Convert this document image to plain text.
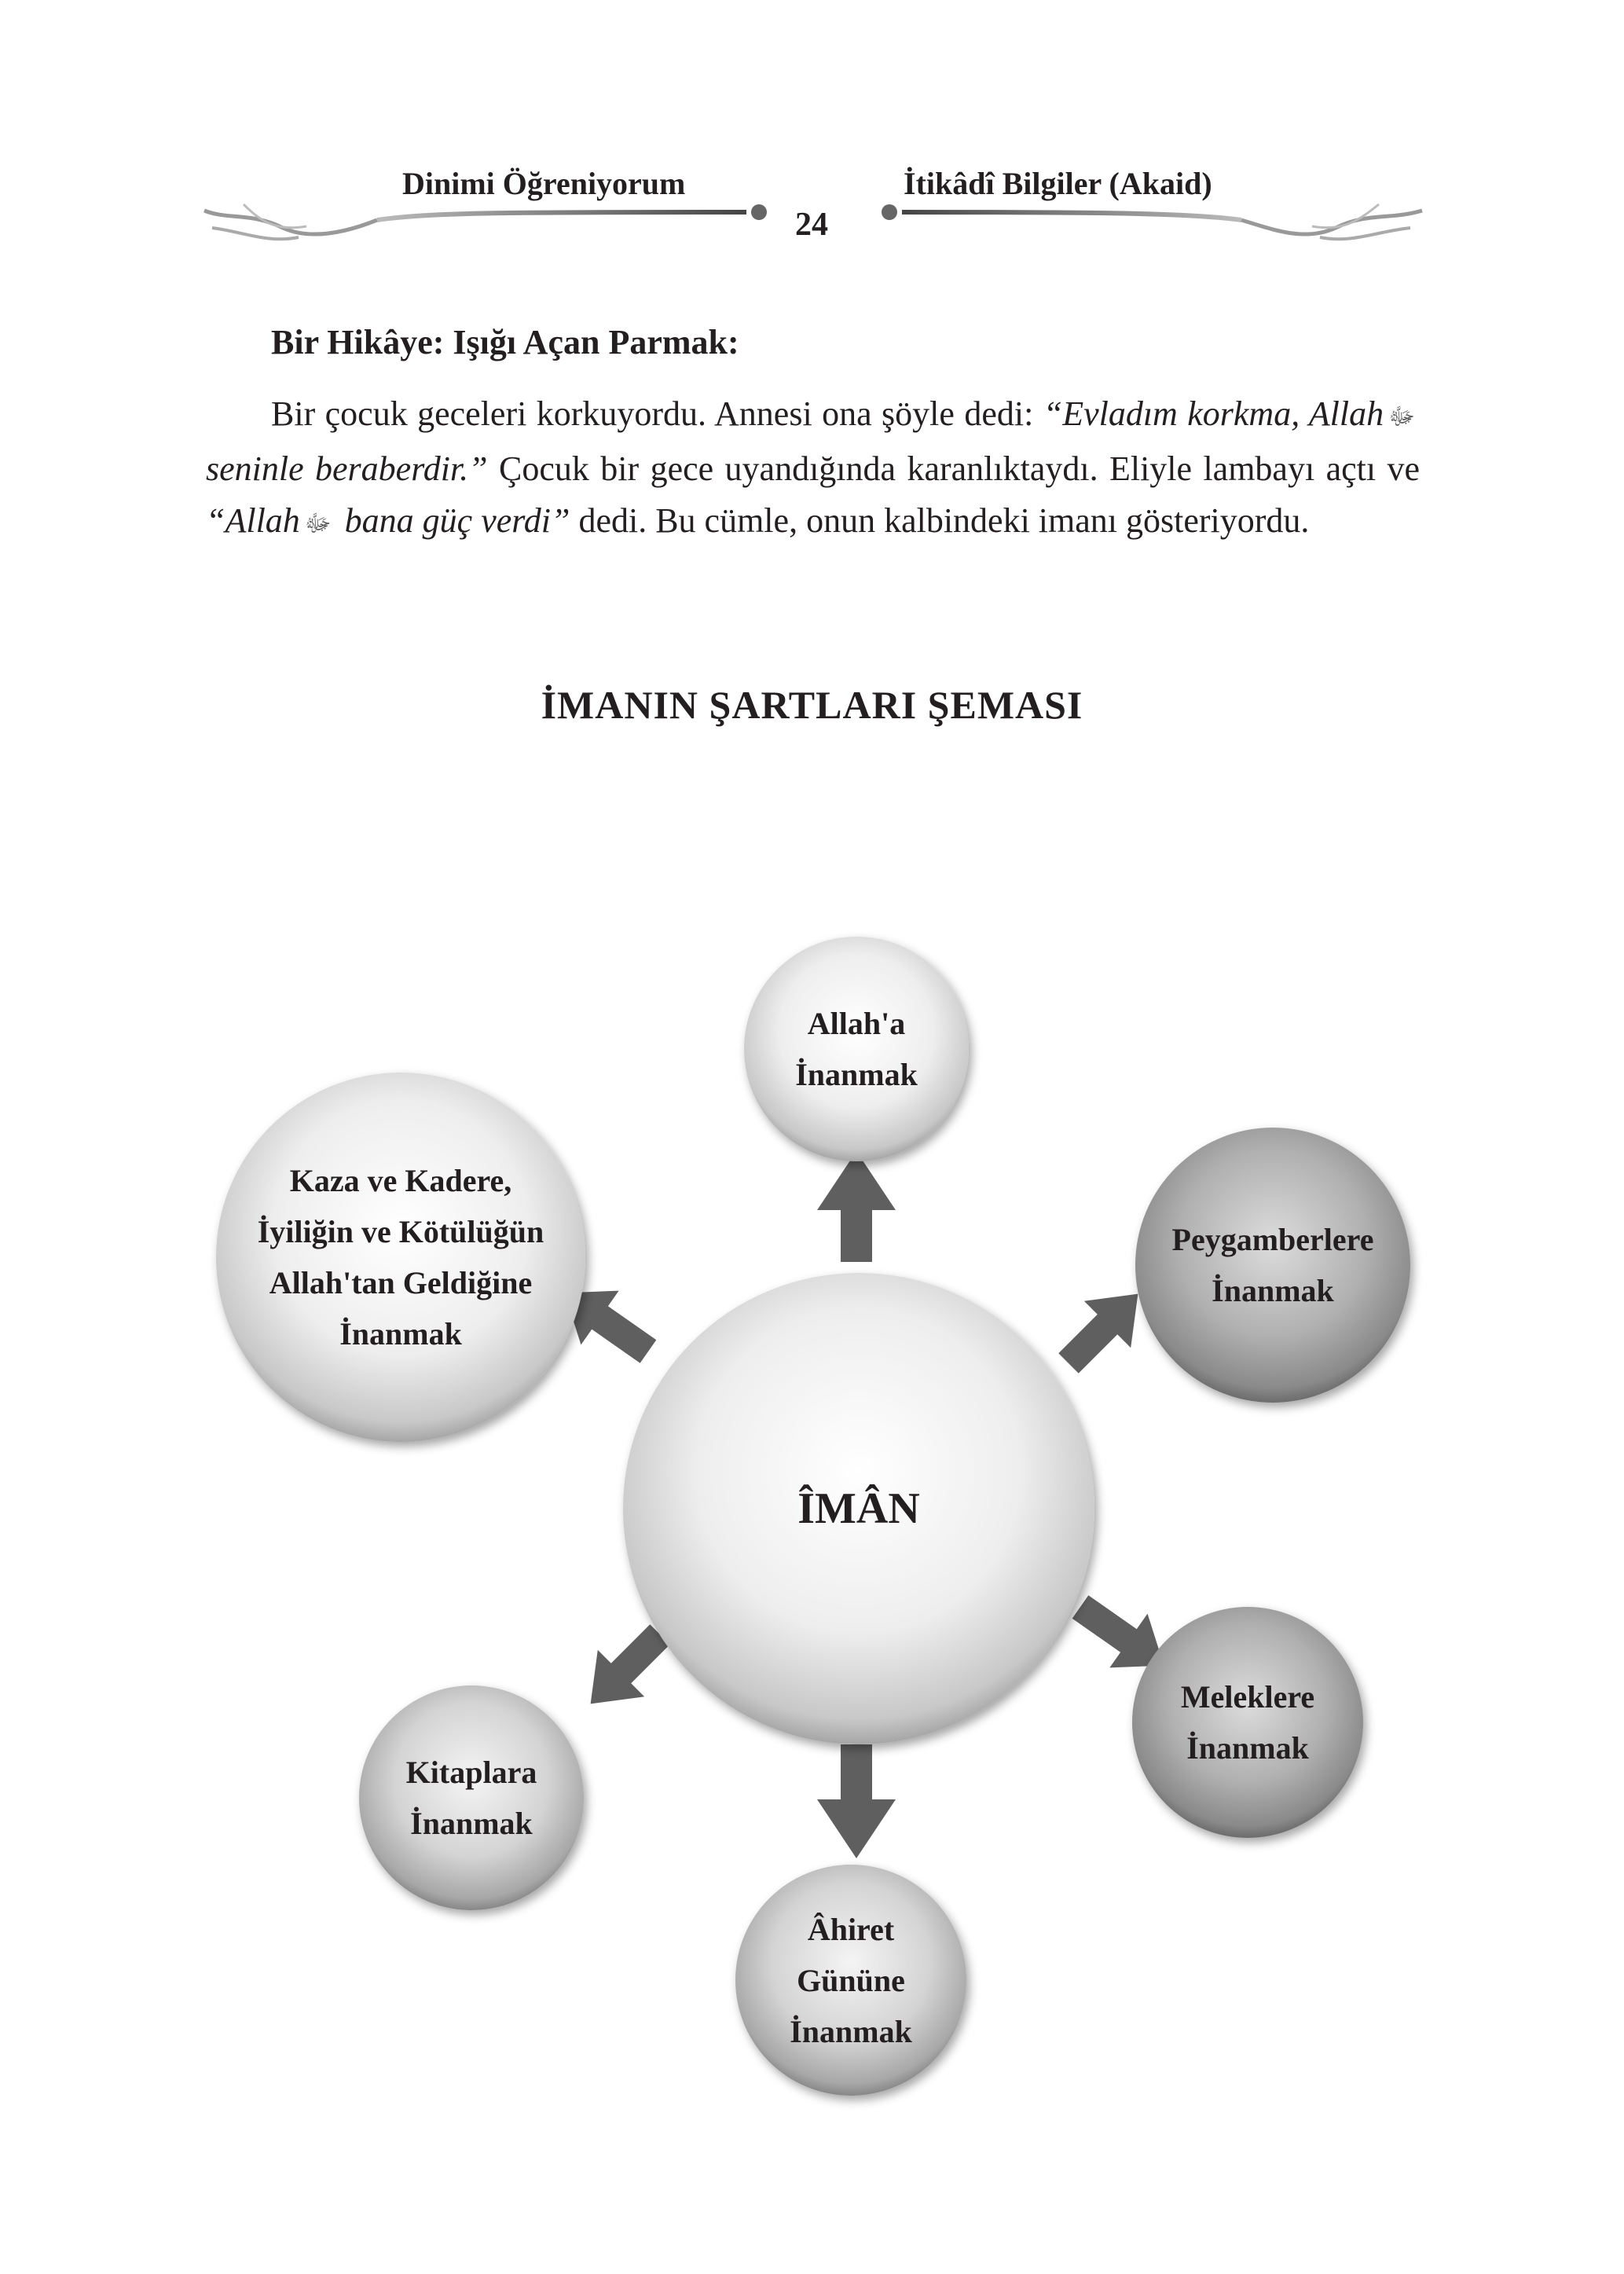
Dinimi Öğreniyorum	İtikâdî Bilgiler (Akaid)
24
Bir Hikâye: Işığı Açan Parmak:

Bir çocuk geceleri korkuyordu. Annesi ona şöyle dedi: “Evladım korkma, Allah ﷻ seninle beraberdir.” Çocuk bir gece uyandığında karanlıktaydı. Eliyle lambayı açtı ve “Allah ﷻ bana güç verdi” dedi. Bu cümle, onun kalbindeki imanı gösteriyordu.

İMANIN ŞARTLARI ŞEMASI
ÎMÂN
Allah'a
İnanmak
Kaza ve Kadere,
İyiliğin ve Kötülüğün
Allah'tan Geldiğine
İnanmak
Peygamberlere
İnanmak
Meleklere
İnanmak
Kitaplara
İnanmak
Âhiret
Gününe
İnanmak
